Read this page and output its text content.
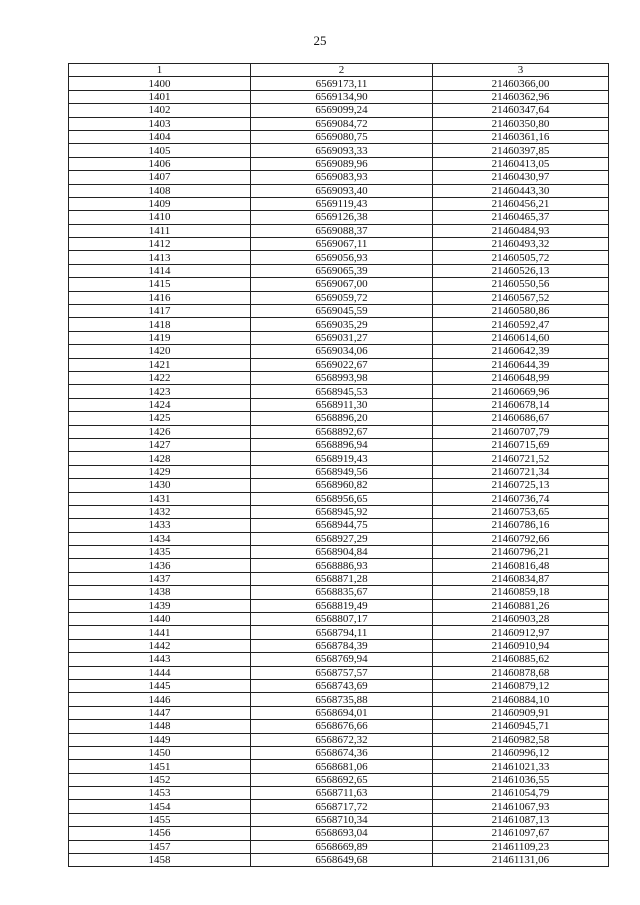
25
1	2	3
1400	6569173,11	21460366,00
1401	6569134,90	21460362,96
1402	6569099,24	21460347,64
1403	6569084,72	21460350,80
1404	6569080,75	21460361,16
1405	6569093,33	21460397,85
1406	6569089,96	21460413,05
1407	6569083,93	21460430,97
1408	6569093,40	21460443,30
1409	6569119,43	21460456,21
1410	6569126,38	21460465,37
1411	6569088,37	21460484,93
1412	6569067,11	21460493,32
1413	6569056,93	21460505,72
1414	6569065,39	21460526,13
1415	6569067,00	21460550,56
1416	6569059,72	21460567,52
1417	6569045,59	21460580,86
1418	6569035,29	21460592,47
1419	6569031,27	21460614,60
1420	6569034,06	21460642,39
1421	6569022,67	21460644,39
1422	6568993,98	21460648,99
1423	6568945,53	21460669,96
1424	6568911,30	21460678,14
1425	6568896,20	21460686,67
1426	6568892,67	21460707,79
1427	6568896,94	21460715,69
1428	6568919,43	21460721,52
1429	6568949,56	21460721,34
1430	6568960,82	21460725,13
1431	6568956,65	21460736,74
1432	6568945,92	21460753,65
1433	6568944,75	21460786,16
1434	6568927,29	21460792,66
1435	6568904,84	21460796,21
1436	6568886,93	21460816,48
1437	6568871,28	21460834,87
1438	6568835,67	21460859,18
1439	6568819,49	21460881,26
1440	6568807,17	21460903,28
1441	6568794,11	21460912,97
1442	6568784,39	21460910,94
1443	6568769,94	21460885,62
1444	6568757,57	21460878,68
1445	6568743,69	21460879,12
1446	6568735,88	21460884,10
1447	6568694,01	21460909,91
1448	6568676,66	21460945,71
1449	6568672,32	21460982,58
1450	6568674,36	21460996,12
1451	6568681,06	21461021,33
1452	6568692,65	21461036,55
1453	6568711,63	21461054,79
1454	6568717,72	21461067,93
1455	6568710,34	21461087,13
1456	6568693,04	21461097,67
1457	6568669,89	21461109,23
1458	6568649,68	21461131,06
